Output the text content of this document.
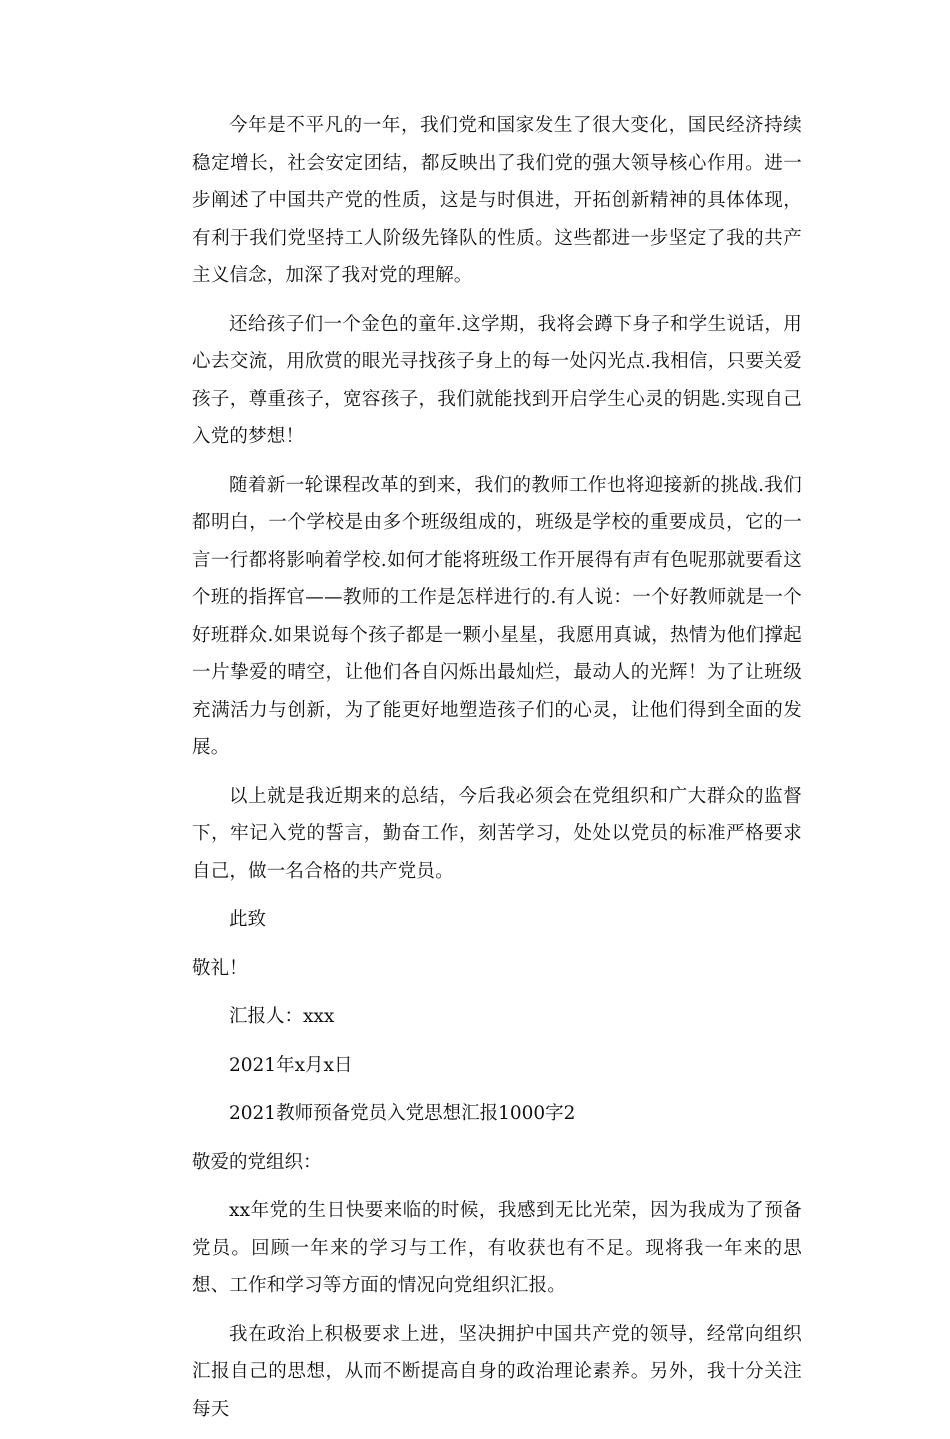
今年是不平凡的一年，我们党和国家发生了很大变化，国民经济持续稳定增长，社会安定团结，都反映出了我们党的强大领导核心作用。进一步阐述了中国共产党的性质，这是与时俱进，开拓创新精神的具体体现，有利于我们党坚持工人阶级先锋队的性质。这些都进一步坚定了我的共产主义信念，加深了我对党的理解。

还给孩子们一个金色的童年.这学期，我将会蹲下身子和学生说话，用心去交流，用欣赏的眼光寻找孩子身上的每一处闪光点.我相信，只要关爱孩子，尊重孩子，宽容孩子，我们就能找到开启学生心灵的钥匙.实现自己入党的梦想！

随着新一轮课程改革的到来，我们的教师工作也将迎接新的挑战.我们都明白，一个学校是由多个班级组成的，班级是学校的重要成员，它的一言一行都将影响着学校.如何才能将班级工作开展得有声有色呢那就要看这个班的指挥官——教师的工作是怎样进行的.有人说：一个好教师就是一个好班群众.如果说每个孩子都是一颗小星星，我愿用真诚，热情为他们撑起一片挚爱的晴空，让他们各自闪烁出最灿烂，最动人的光辉！为了让班级充满活力与创新，为了能更好地塑造孩子们的心灵，让他们得到全面的发展。

以上就是我近期来的总结，今后我必须会在党组织和广大群众的监督下，牢记入党的誓言，勤奋工作，刻苦学习，处处以党员的标准严格要求自己，做一名合格的共产党员。

此致

敬礼！

汇报人：xxx

2021年x月x日

2021教师预备党员入党思想汇报1000字2

敬爱的党组织：

xx年党的生日快要来临的时候，我感到无比光荣，因为我成为了预备党员。回顾一年来的学习与工作，有收获也有不足。现将我一年来的思想、工作和学习等方面的情况向党组织汇报。

我在政治上积极要求上进，坚决拥护中国共产党的领导，经常向组织汇报自己的思想，从而不断提高自身的政治理论素养。另外，我十分关注每天
